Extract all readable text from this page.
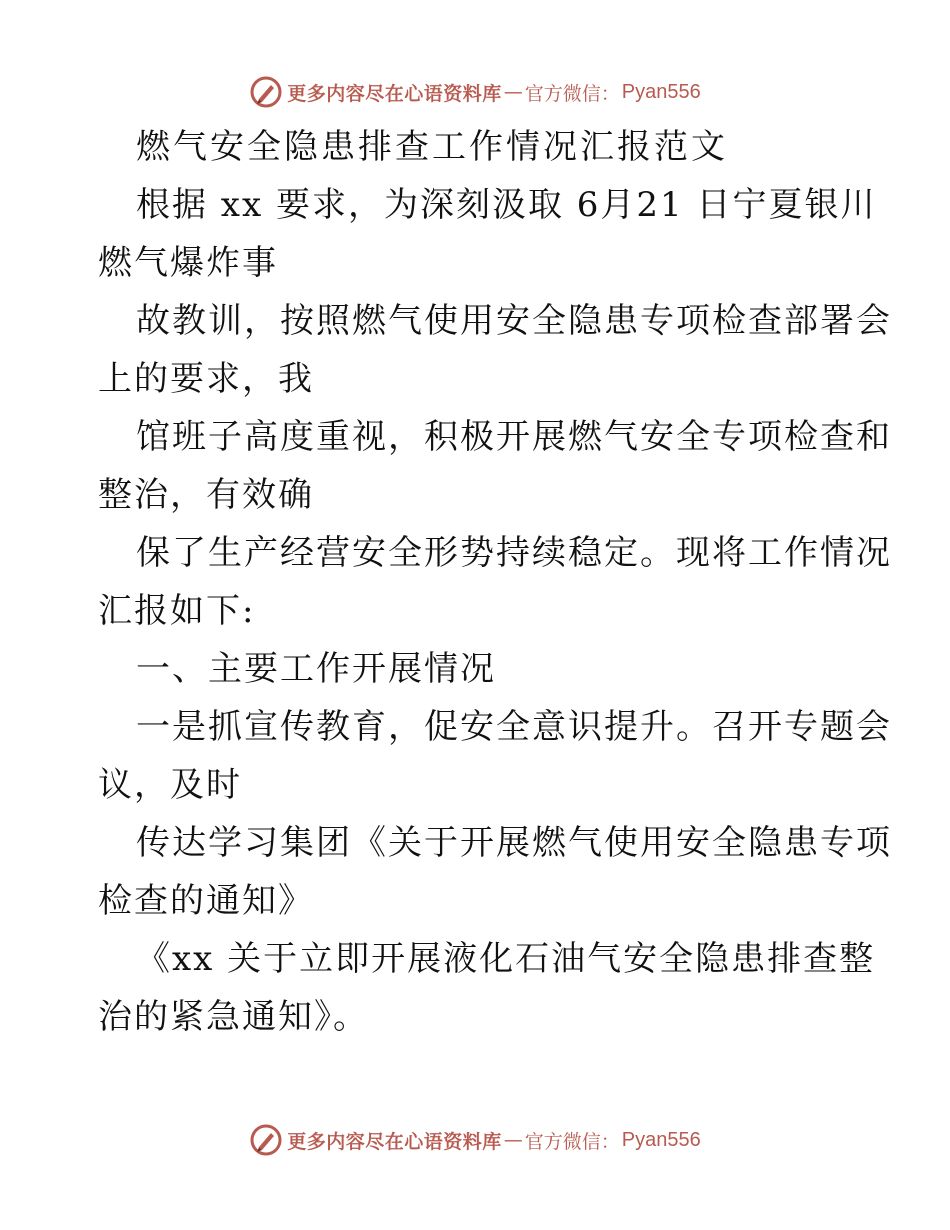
更多内容尽在心语资料库 — 官方微信： Pyan556
燃气安全隐患排查工作情况汇报范文
根据 xx 要求，为深刻汲取 6月21 日宁夏银川
燃气爆炸事
故教训，按照燃气使用安全隐患专项检查部署会
上的要求，我
馆班子高度重视，积极开展燃气安全专项检查和
整治，有效确
保了生产经营安全形势持续稳定。现将工作情况
汇报如下:
一、主要工作开展情况
一是抓宣传教育，促安全意识提升。召开专题会
议，及时
传达学习集团《关于开展燃气使用安全隐患专项
检查的通知》
《xx 关于立即开展液化石油气安全隐患排查整
治的紧急通知》。
更多内容尽在心语资料库 — 官方微信： Pyan556
